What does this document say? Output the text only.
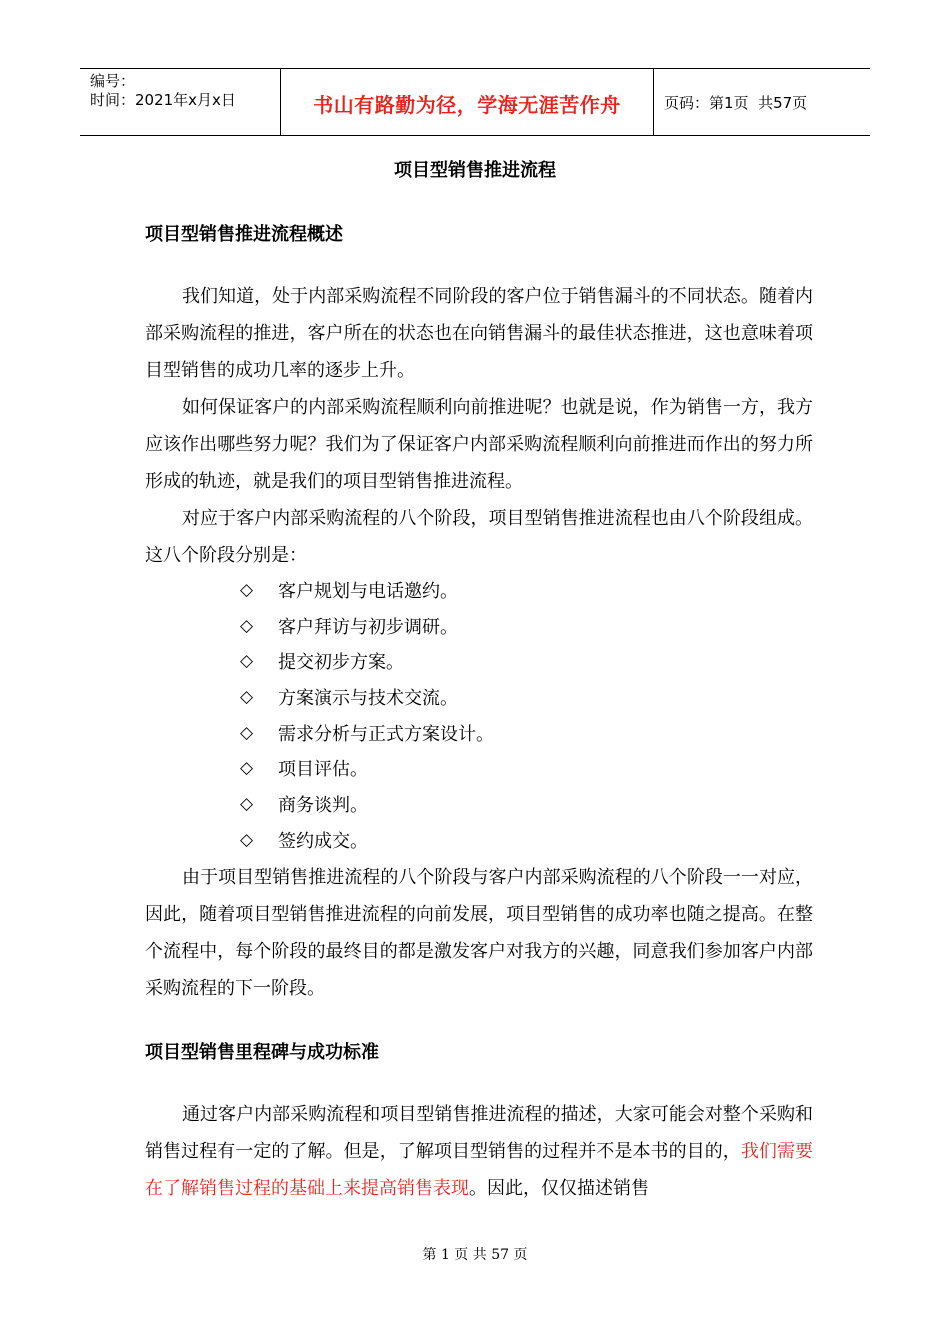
编号：
时间：2021年x月x日	书山有路勤为径，学海无涯苦作舟	页码：第1页  共57页
项目型销售推进流程
项目型销售推进流程概述

我们知道，处于内部采购流程不同阶段的客户位于销售漏斗的不同状态。随着内部采购流程的推进，客户所在的状态也在向销售漏斗的最佳状态推进，这也意味着项目型销售的成功几率的逐步上升。

如何保证客户的内部采购流程顺利向前推进呢？也就是说，作为销售一方，我方应该作出哪些努力呢？我们为了保证客户内部采购流程顺利向前推进而作出的努力所形成的轨迹，就是我们的项目型销售推进流程。

对应于客户内部采购流程的八个阶段，项目型销售推进流程也由八个阶段组成。这八个阶段分别是：

◇	客户规划与电话邀约。
◇	客户拜访与初步调研。
◇	提交初步方案。
◇	方案演示与技术交流。
◇	需求分析与正式方案设计。
◇	项目评估。
◇	商务谈判。
◇	签约成交。

由于项目型销售推进流程的八个阶段与客户内部采购流程的八个阶段一一对应，因此，随着项目型销售推进流程的向前发展，项目型销售的成功率也随之提高。在整个流程中，每个阶段的最终目的都是激发客户对我方的兴趣，同意我们参加客户内部采购流程的下一阶段。

项目型销售里程碑与成功标准

通过客户内部采购流程和项目型销售推进流程的描述，大家可能会对整个采购和销售过程有一定的了解。但是，了解项目型销售的过程并不是本书的目的，我们需要在了解销售过程的基础上来提高销售表现。因此，仅仅描述销售

第 1 页 共 57 页
